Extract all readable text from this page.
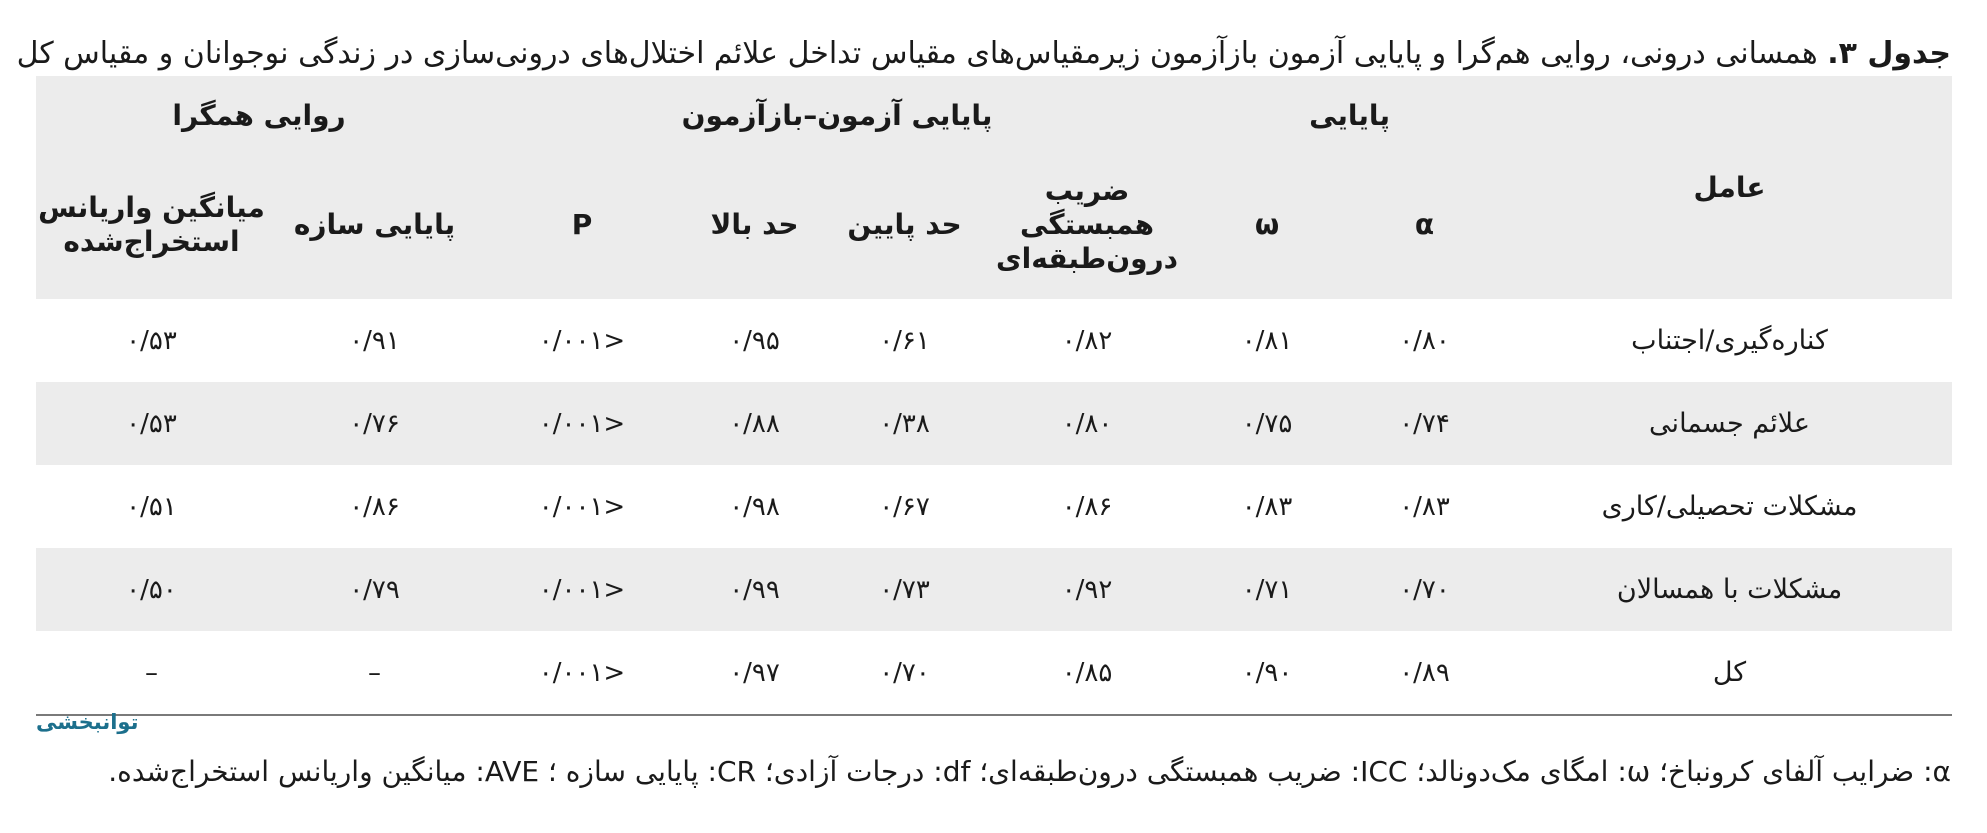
جدول ۳. همسانی درونی، روایی هم‌گرا و پایایی آزمون بازآزمون زیرمقیاس‌های مقیاس تداخل علائم اختلال‌های درونی‌سازی در زندگی نوجوانان و مقیاس کل
عامل	پایایی		پایایی آزمون–بازآزمون				روایی همگرا	
	α	ω	ضریب همبستگی درون‌طبقه‌ای	حد پایین	حد بالا	P	پایایی سازه	میانگین واریانس استخراج‌شده
کناره‌گیری/اجتناب	۰/۸۰	۰/۸۱	۰/۸۲	۰/۶۱	۰/۹۵	<۰/۰۰۱	۰/۹۱	۰/۵۳
علائم جسمانی	۰/۷۴	۰/۷۵	۰/۸۰	۰/۳۸	۰/۸۸	<۰/۰۰۱	۰/۷۶	۰/۵۳
مشکلات تحصیلی/کاری	۰/۸۳	۰/۸۳	۰/۸۶	۰/۶۷	۰/۹۸	<۰/۰۰۱	۰/۸۶	۰/۵۱
مشکلات با همسالان	۰/۷۰	۰/۷۱	۰/۹۲	۰/۷۳	۰/۹۹	<۰/۰۰۱	۰/۷۹	۰/۵۰
کل	۰/۸۹	۰/۹۰	۰/۸۵	۰/۷۰	۰/۹۷	<۰/۰۰۱	–	–
توانبخشی
α: ضرایب آلفای کرونباخ؛ ω: امگای مک‌دونالد؛ ICC: ضریب همبستگی درون‌طبقه‌ای؛ df: درجات آزادی؛ CR: پایایی سازه ؛ AVE: میانگین واریانس استخراج‌شده.
